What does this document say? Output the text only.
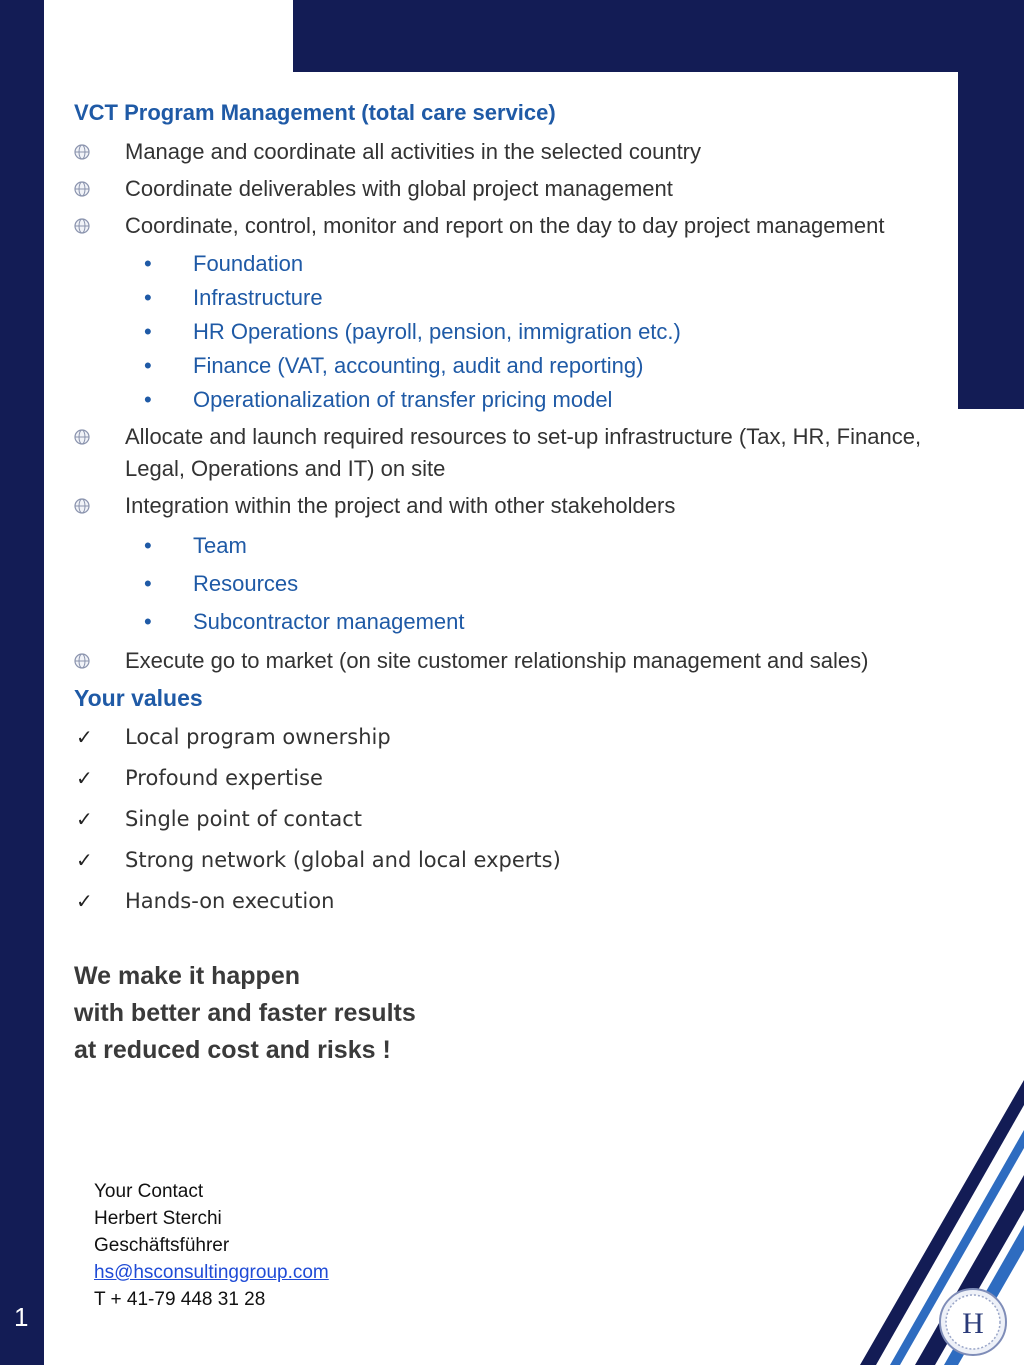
VCT Program Management (total care service)
Manage and coordinate all activities in the selected country
Coordinate deliverables with global project management
Coordinate, control, monitor and report on the day to day project management
• Foundation
• Infrastructure
• HR Operations (payroll, pension, immigration etc.)
• Finance (VAT, accounting, audit and reporting)
• Operationalization of transfer pricing model
Allocate and launch required resources to set-up infrastructure (Tax, HR, Finance, Legal, Operations and IT) on site
Integration within the project and with other stakeholders
• Team
• Resources
• Subcontractor management
Execute go to market (on site customer relationship management and sales)
Your values
✓ Local program ownership
✓ Profound expertise
✓ Single point of contact
✓ Strong network (global and local experts)
✓ Hands-on execution
We make it happen
with better and faster results
at reduced cost and risks !
Your Contact
Herbert Sterchi
Geschäftsführer
hs@hsconsultinggroup.com
T + 41-79 448 31 28
H
1
